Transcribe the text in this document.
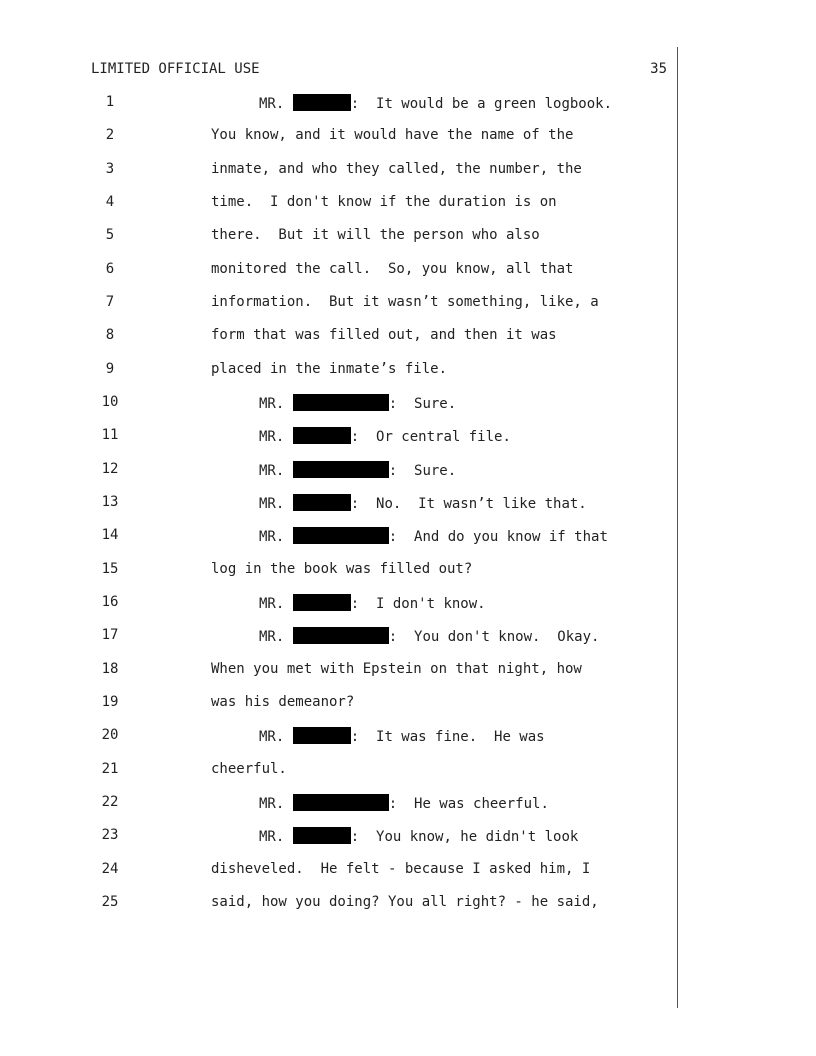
LIMITED OFFICIAL USE	35
1	MR.	:  It would be a green logbook.
2	You know, and it would have the name of the
3	inmate, and who they called, the number, the
4	time.  I don't know if the duration is on
5	there.  But it will the person who also
6	monitored the call.  So, you know, all that
7	information.  But it wasn’t something, like, a
8	form that was filled out, and then it was
9	placed in the inmate’s file.
10	MR.	:  Sure.
11	MR.	:  Or central file.
12	MR.	:  Sure.
13	MR.	:  No.  It wasn’t like that.
14	MR.	:  And do you know if that
15	log in the book was filled out?
16	MR.	:  I don't know.
17	MR.	:  You don't know.  Okay.
18	When you met with Epstein on that night, how
19	was his demeanor?
20	MR.	:  It was fine.  He was
21	cheerful.
22	MR.	:  He was cheerful.
23	MR.	:  You know, he didn't look
24	disheveled.  He felt - because I asked him, I
25	said, how you doing? You all right? - he said,
